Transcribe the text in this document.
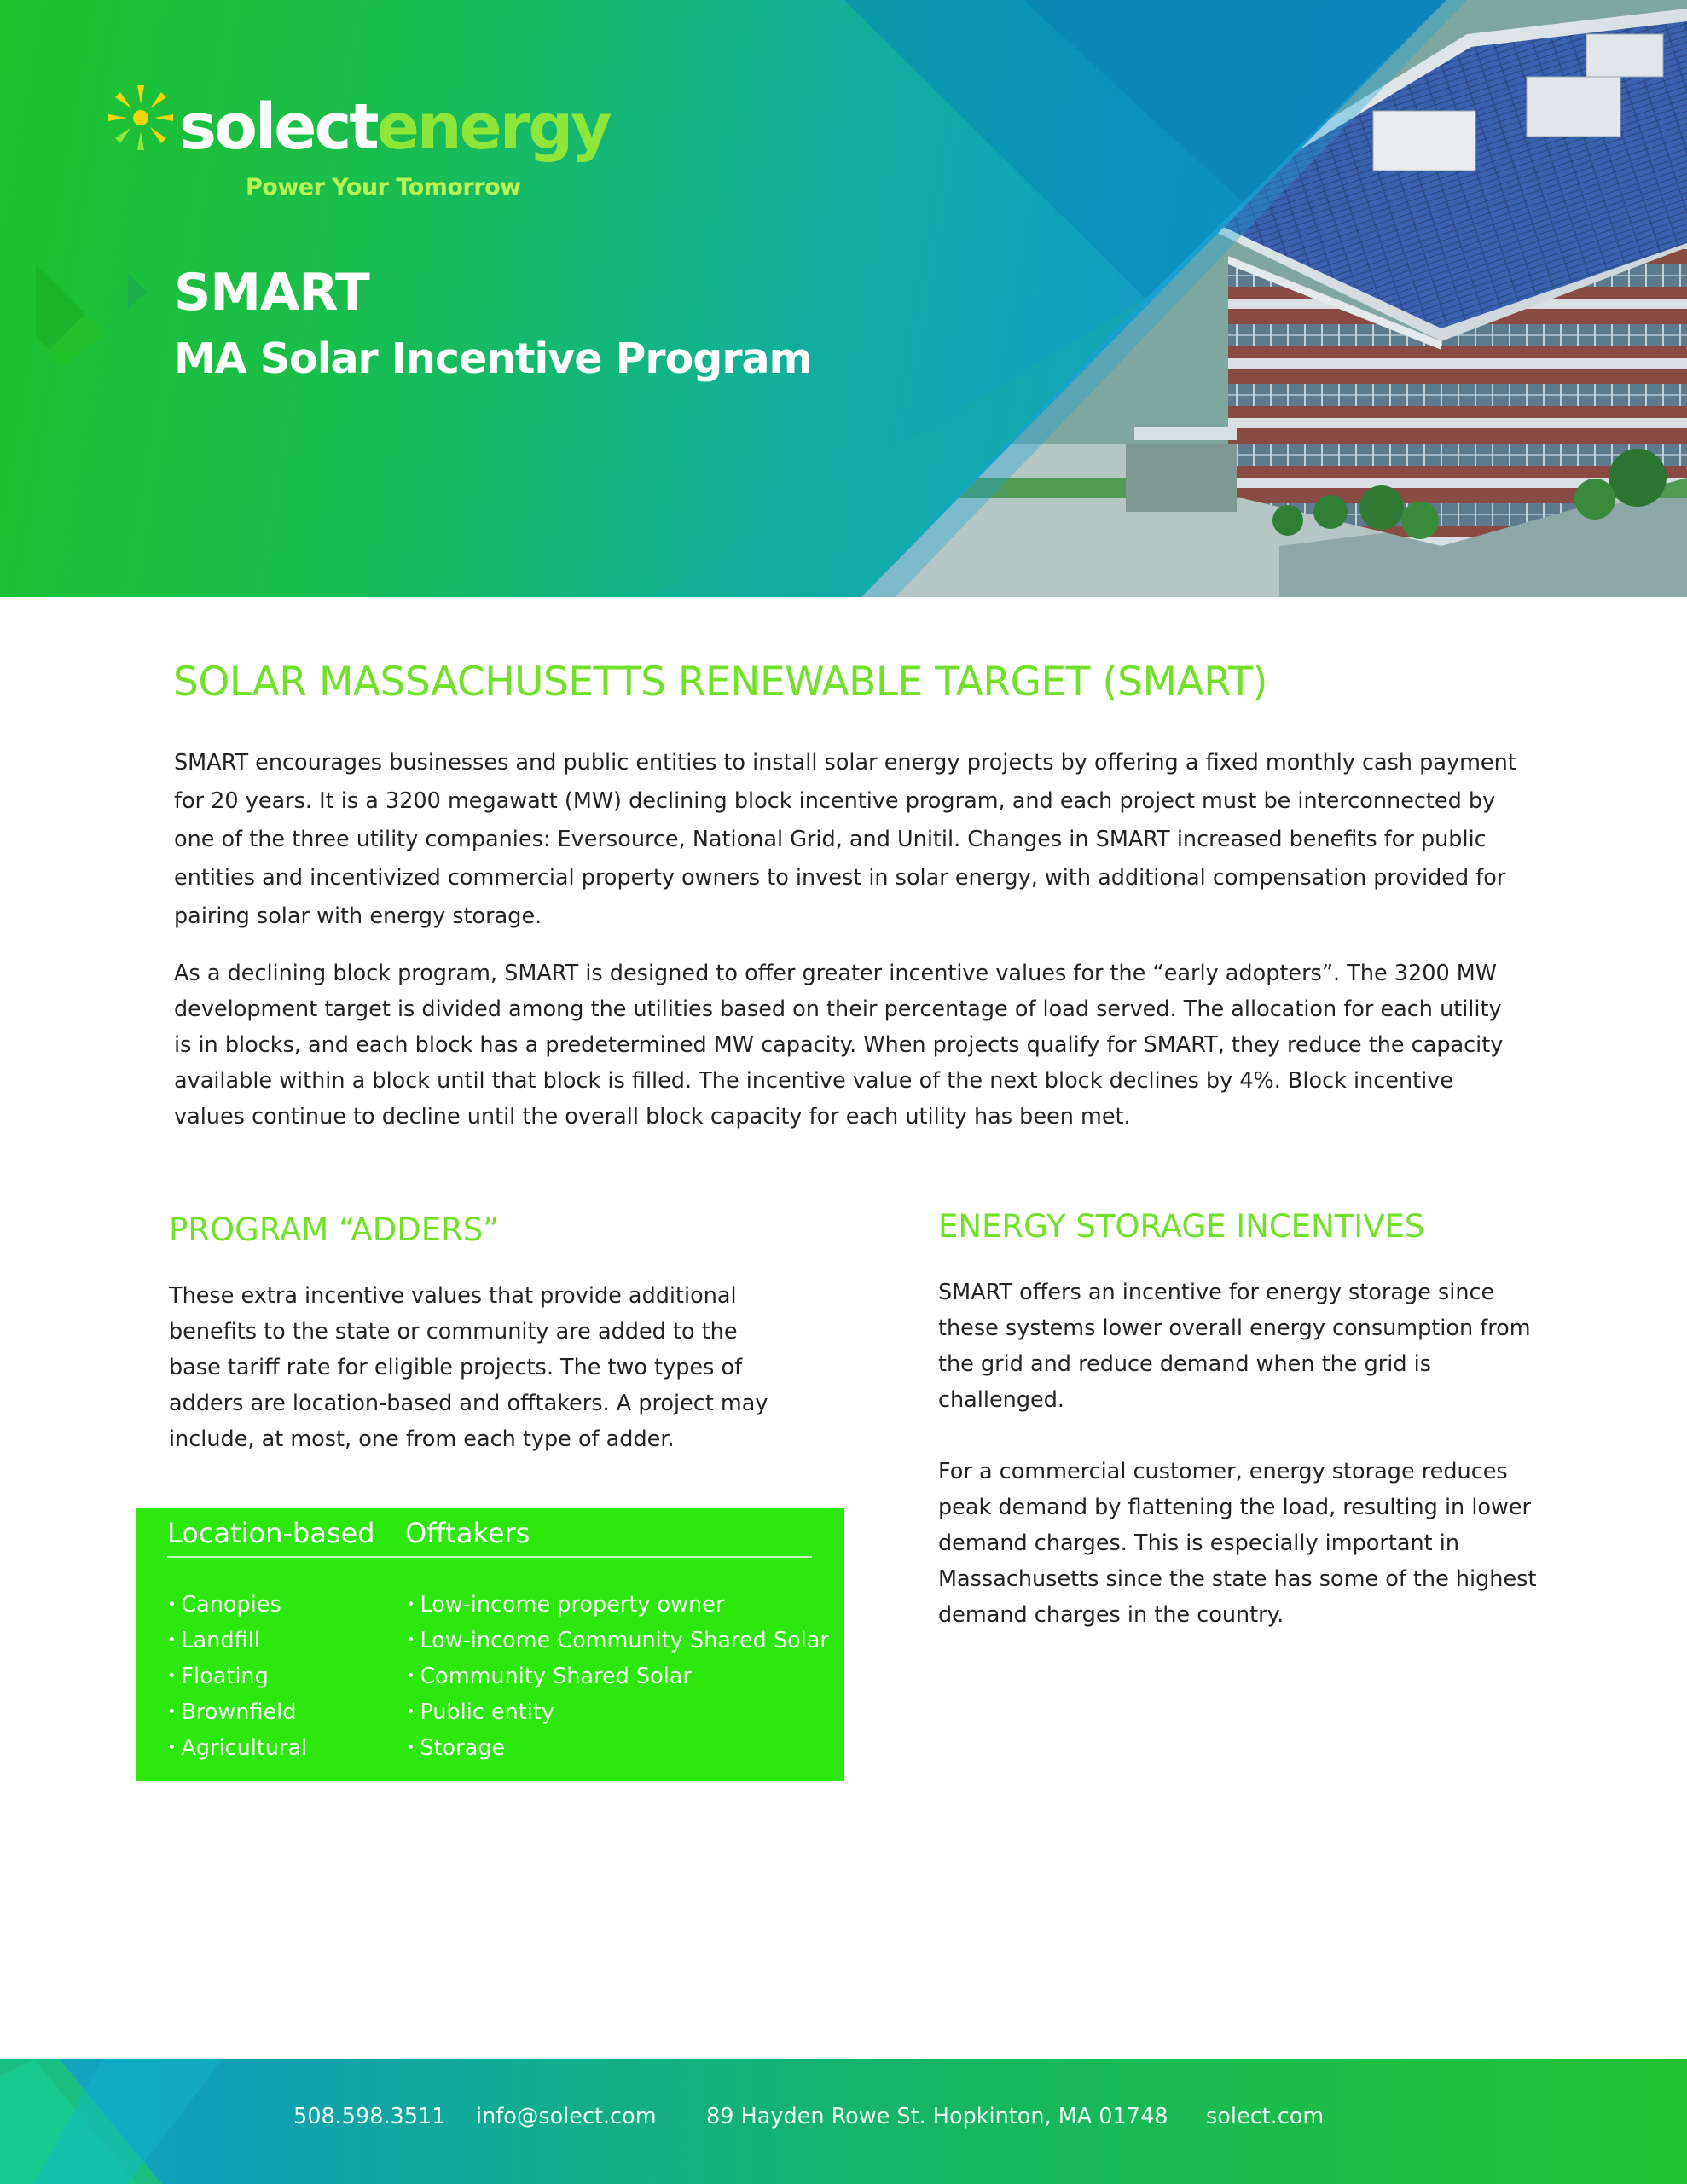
solectenergy
Power Your Tomorrow
SMART
MA Solar Incentive Program
SOLAR MASSACHUSETTS RENEWABLE TARGET (SMART)

SMART encourages businesses and public entities to install solar energy projects by offering a fixed monthly cash payment for 20 years. It is a 3200 megawatt (MW) declining block incentive program, and each project must be interconnected by one of the three utility companies: Eversource, National Grid, and Unitil. Changes in SMART increased benefits for public entities and incentivized commercial property owners to invest in solar energy, with additional compensation provided for pairing solar with energy storage.

As a declining block program, SMART is designed to offer greater incentive values for the “early adopters”. The 3200 MW development target is divided among the utilities based on their percentage of load served. The allocation for each utility is in blocks, and each block has a predetermined MW capacity. When projects qualify for SMART, they reduce the capacity available within a block until that block is filled. The incentive value of the next block declines by 4%. Block incentive values continue to decline until the overall block capacity for each utility has been met.

PROGRAM “ADDERS”

These extra incentive values that provide additional benefits to the state or community are added to the base tariff rate for eligible projects. The two types of adders are location-based and offtakers. A project may include, at most, one from each type of adder.

Location-based Offtakers
• Canopies
• Landfill
• Floating
• Brownfield
• Agricultural
• Low-income property owner
• Low-income Community Shared Solar
• Community Shared Solar
• Public entity
• Storage
ENERGY STORAGE INCENTIVES

SMART offers an incentive for energy storage since these systems lower overall energy consumption from the grid and reduce demand when the grid is challenged.

For a commercial customer, energy storage reduces peak demand by flattening the load, resulting in lower demand charges. This is especially important in Massachusetts since the state has some of the highest demand charges in the country.

508.598.3511 info@solect.com 89 Hayden Rowe St. Hopkinton, MA 01748 solect.com
